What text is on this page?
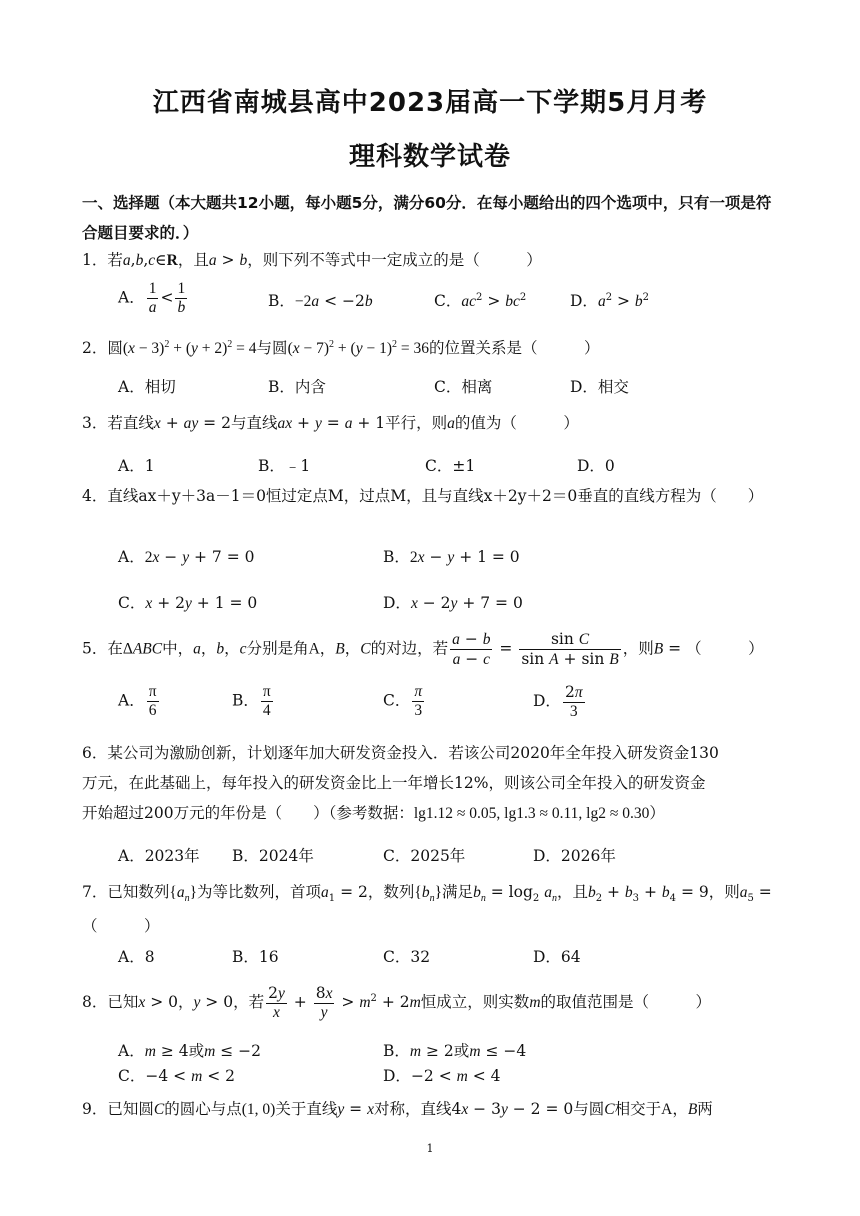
江西省南城县高中2023届高一下学期5月月考
理科数学试卷
一、选择题（本大题共12小题，每小题5分，满分60分．在每小题给出的四个选项中，只有一项是符合题目要求的．）
1．若a,b,c∈R，且a > b，则下列不等式中一定成立的是（　　　）
A． $\frac{1}{a} < \frac{1}{b}$	B．−2a < −2b	C．$ac^2 > bc^2$	D．$a^2 > b^2$
2．圆$(x - 3)^2 + (y + 2)^2 = 4$与圆$(x - 7)^2 + (y - 1)^2 = 36$的位置关系是（　　　）
A．相切	B．内含	C．相离	D．相交
3．若直线x + ay = 2与直线ax + y = a + 1平行，则a的值为（　　　）
A．1	B．﹣1	C．±1	D．0
4．直线ax＋y＋3a－1＝0恒过定点M，过点M，且与直线x＋2y＋2＝0垂直的直线方程为（　　）
A．2x − y + 7 = 0	B．2x − y + 1 = 0
C．x + 2y + 1 = 0	D．x − 2y + 7 = 0
5．在ΔABC中，a，b，c分别是角A，B，C的对边，若 $\frac{a - b}{a - c} = \frac{\text{sin C}}{\text{sin A + sin B}}$ ，则B = （　　　）
A． $\frac{\pi}{6}$	B． $\frac{\pi}{4}$	C． $\frac{\pi}{3}$	D． $\frac{2\pi}{3}$
6．某公司为激励创新，计划逐年加大研发资金投入．若该公司2020年全年投入研发资金130
万元，在此基础上，每年投入的研发资金比上一年增长12%，则该公司全年投入的研发资金
开始超过200万元的年份是（　　）（参考数据：lg1.12 ≈ 0.05, lg1.3 ≈ 0.11, lg2 ≈ 0.30）
A．2023年 B．2024年	C．2025年	D．2026年
7．已知数列$\{a_n\}$为等比数列，首项$a_1 = 2$，数列$\{b_n\}$满足$b_n = \log_2 a_n$，且$b_2 + b_3 + b_4 = 9$，则$a_5$ =
（　　　）
A．8	B．16	C．32	D．64
8．已知x > 0，y > 0，若 $\frac{2y}{x} + \frac{8x}{y} > m^2 + 2m$恒成立，则实数m的取值范围是（　　　）
A．m ≥ 4或m ≤ −2	B．m ≥ 2或m ≤ −4
C．−4 < m < 2	D．−2 < m < 4
9．已知圆C的圆心与点(1, 0)关于直线y = x对称，直线4x − 3y − 2 = 0与圆C相交于A，B两
1
